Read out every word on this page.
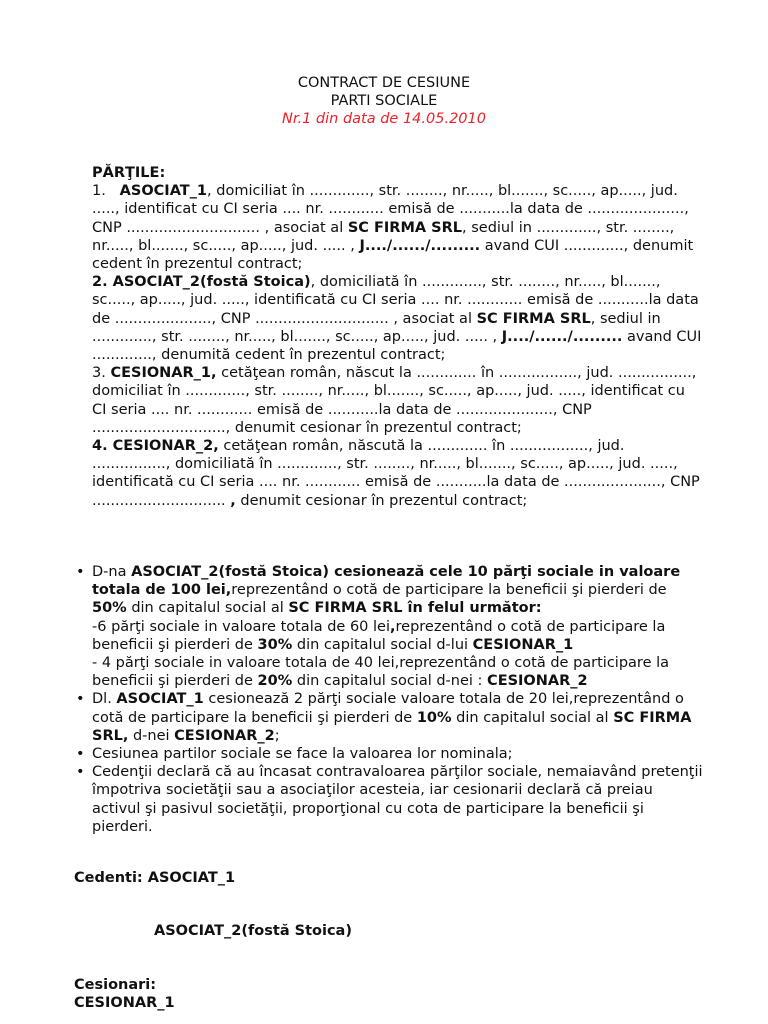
CONTRACT DE CESIUNE
PARTI SOCIALE
Nr.1 din data de 14.05.2010

PĂRŢILE:

1. ASOCIAT_1, domiciliat în ............., str. ........, nr....., bl......., sc....., ap....., jud. ....., identificat cu CI seria .... nr. ............ emisă de ...........la data de ....................., CNP ............................. , asociat al SC FIRMA SRL, sediul in ............., str. ........, nr....., bl......., sc....., ap....., jud. ..... , J..../....../......... avand CUI ............., denumit cedent în prezentul contract;

2. ASOCIAT_2(fostă Stoica), domiciliată în ............., str. ........, nr....., bl......., sc....., ap....., jud. ....., identificată cu CI seria .... nr. ............ emisă de ...........la data de ....................., CNP ............................. , asociat al SC FIRMA SRL, sediul in ............., str. ........, nr....., bl......., sc....., ap....., jud. ..... , J..../....../......... avand CUI ............., denumită cedent în prezentul contract;

3. CESIONAR_1, cetăţean român, născut la ............. în ................., jud. ................, domiciliat în ............., str. ........, nr....., bl......., sc....., ap....., jud. ....., identificat cu CI seria .... nr. ............ emisă de ...........la data de ....................., CNP ............................., denumit cesionar în prezentul contract;

4. CESIONAR_2, cetăţean român, născută la ............. în ................., jud. ................, domiciliată în ............., str. ........, nr....., bl......., sc....., ap....., jud. ....., identificată cu CI seria .... nr. ............ emisă de ...........la data de ....................., CNP ............................. , denumit cesionar în prezentul contract;

• D-na ASOCIAT_2(fostă Stoica) cesionează cele 10 părţi sociale in valoare totala de 100 lei,reprezentând o cotă de participare la beneficii şi pierderi de 50% din capitalul social al SC FIRMA SRL în felul următor:
-6 părţi sociale in valoare totala de 60 lei,reprezentând o cotă de participare la beneficii şi pierderi de 30% din capitalul social d-lui CESIONAR_1
- 4 părţi sociale in valoare totala de 40 lei,reprezentând o cotă de participare la beneficii şi pierderi de 20% din capitalul social d-nei : CESIONAR_2
• Dl. ASOCIAT_1 cesionează 2 părţi sociale valoare totala de 20 lei,reprezentând o cotă de participare la beneficii şi pierderi de 10% din capitalul social al SC FIRMA SRL, d-nei CESIONAR_2;
• Cesiunea partilor sociale se face la valoarea lor nominala;
• Cedenţii declară că au încasat contravaloarea părţilor sociale, nemaiavând pretenţii împotriva societăţii sau a asociaţilor acesteia, iar cesionarii declară că preiau activul şi pasivul societăţii, proporţional cu cota de participare la beneficii şi pierderi.
Cedenti: ASOCIAT_1
ASOCIAT_2(fostă Stoica)
Cesionari:
CESIONAR_1
